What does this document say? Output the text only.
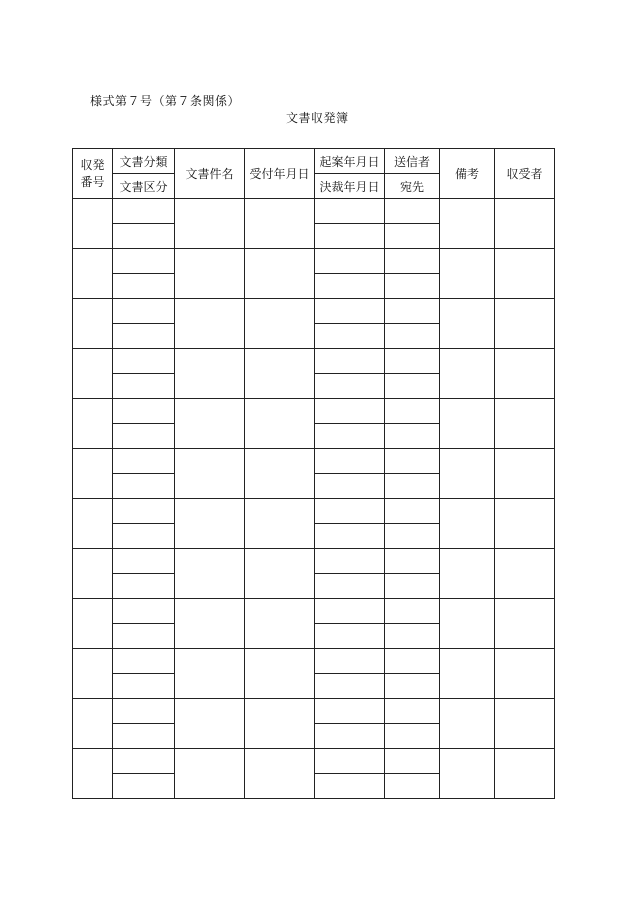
様式第７号（第７条関係）
文書収発簿
収発
番号	文書分類	文書件名	受付年月日	起案年月日	送信者	備考	収受者
	文書区分			決裁年月日	宛先		
